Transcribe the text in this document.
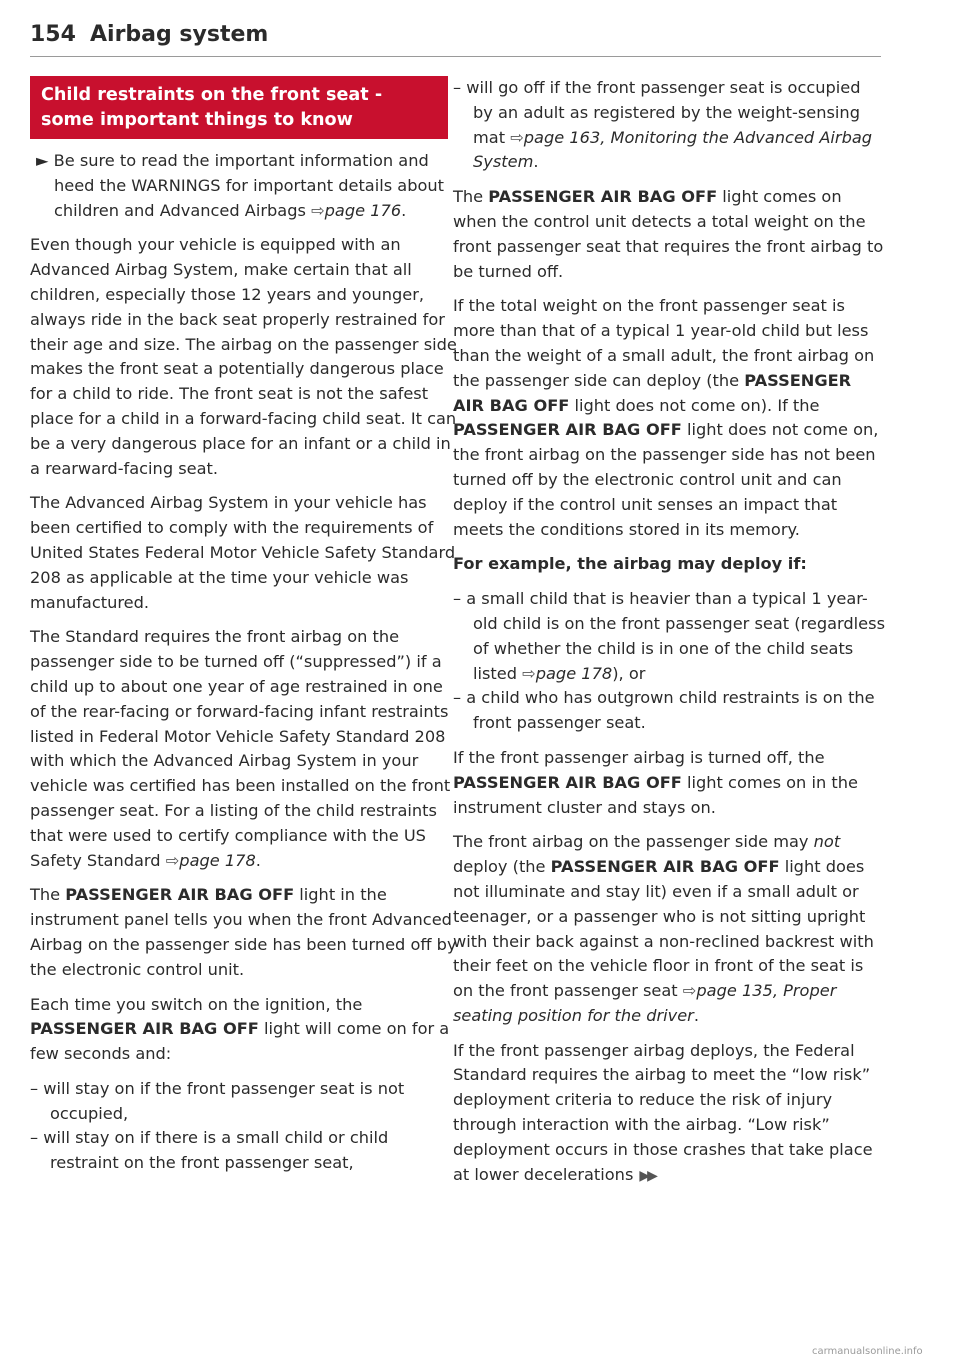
154 Airbag system
Child restraints on the front seat - some important things to know

► Be sure to read the important information and heed the WARNINGS for important details about children and Advanced Airbags ⇨page 176.

Even though your vehicle is equipped with an Advanced Airbag System, make certain that all children, especially those 12 years and younger, always ride in the back seat properly restrained for their age and size. The airbag on the passenger side makes the front seat a potentially dangerous place for a child to ride. The front seat is not the safest place for a child in a forward-facing child seat. It can be a very dangerous place for an infant or a child in a rearward-facing seat.

The Advanced Airbag System in your vehicle has been certified to comply with the requirements of United States Federal Motor Vehicle Safety Standard 208 as applicable at the time your vehicle was manufactured.

The Standard requires the front airbag on the passenger side to be turned off (“suppressed”) if a child up to about one year of age restrained in one of the rear-facing or forward-facing infant restraints listed in Federal Motor Vehicle Safety Standard 208 with which the Advanced Airbag System in your vehicle was certified has been installed on the front passenger seat. For a listing of the child restraints that were used to certify compliance with the US Safety Standard ⇨page 178.

The PASSENGER AIR BAG OFF light in the instrument panel tells you when the front Advanced Airbag on the passenger side has been turned off by the electronic control unit.

Each time you switch on the ignition, the PASSENGER AIR BAG OFF light will come on for a few seconds and:

– will stay on if the front passenger seat is not occupied,

– will stay on if there is a small child or child restraint on the front passenger seat,

– will go off if the front passenger seat is occupied by an adult as registered by the weight-sensing mat ⇨page 163, Monitoring the Advanced Airbag System.

The PASSENGER AIR BAG OFF light comes on when the control unit detects a total weight on the front passenger seat that requires the front airbag to be turned off.

If the total weight on the front passenger seat is more than that of a typical 1 year-old child but less than the weight of a small adult, the front airbag on the passenger side can deploy (the PASSENGER AIR BAG OFF light does not come on). If the PASSENGER AIR BAG OFF light does not come on, the front airbag on the passenger side has not been turned off by the electronic control unit and can deploy if the control unit senses an impact that meets the conditions stored in its memory.

For example, the airbag may deploy if:

– a small child that is heavier than a typical 1 year-old child is on the front passenger seat (regardless of whether the child is in one of the child seats listed ⇨page 178), or

– a child who has outgrown child restraints is on the front passenger seat.

If the front passenger airbag is turned off, the PASSENGER AIR BAG OFF light comes on in the instrument cluster and stays on.

The front airbag on the passenger side may not deploy (the PASSENGER AIR BAG OFF light does not illuminate and stay lit) even if a small adult or teenager, or a passenger who is not sitting upright with their back against a non-reclined backrest with their feet on the vehicle floor in front of the seat is on the front passenger seat ⇨page 135, Proper seating position for the driver.

If the front passenger airbag deploys, the Federal Standard requires the airbag to meet the “low risk” deployment criteria to reduce the risk of injury through interaction with the airbag. “Low risk” deployment occurs in those crashes that take place at lower decelerations ▶▶

carmanualsonline.info
